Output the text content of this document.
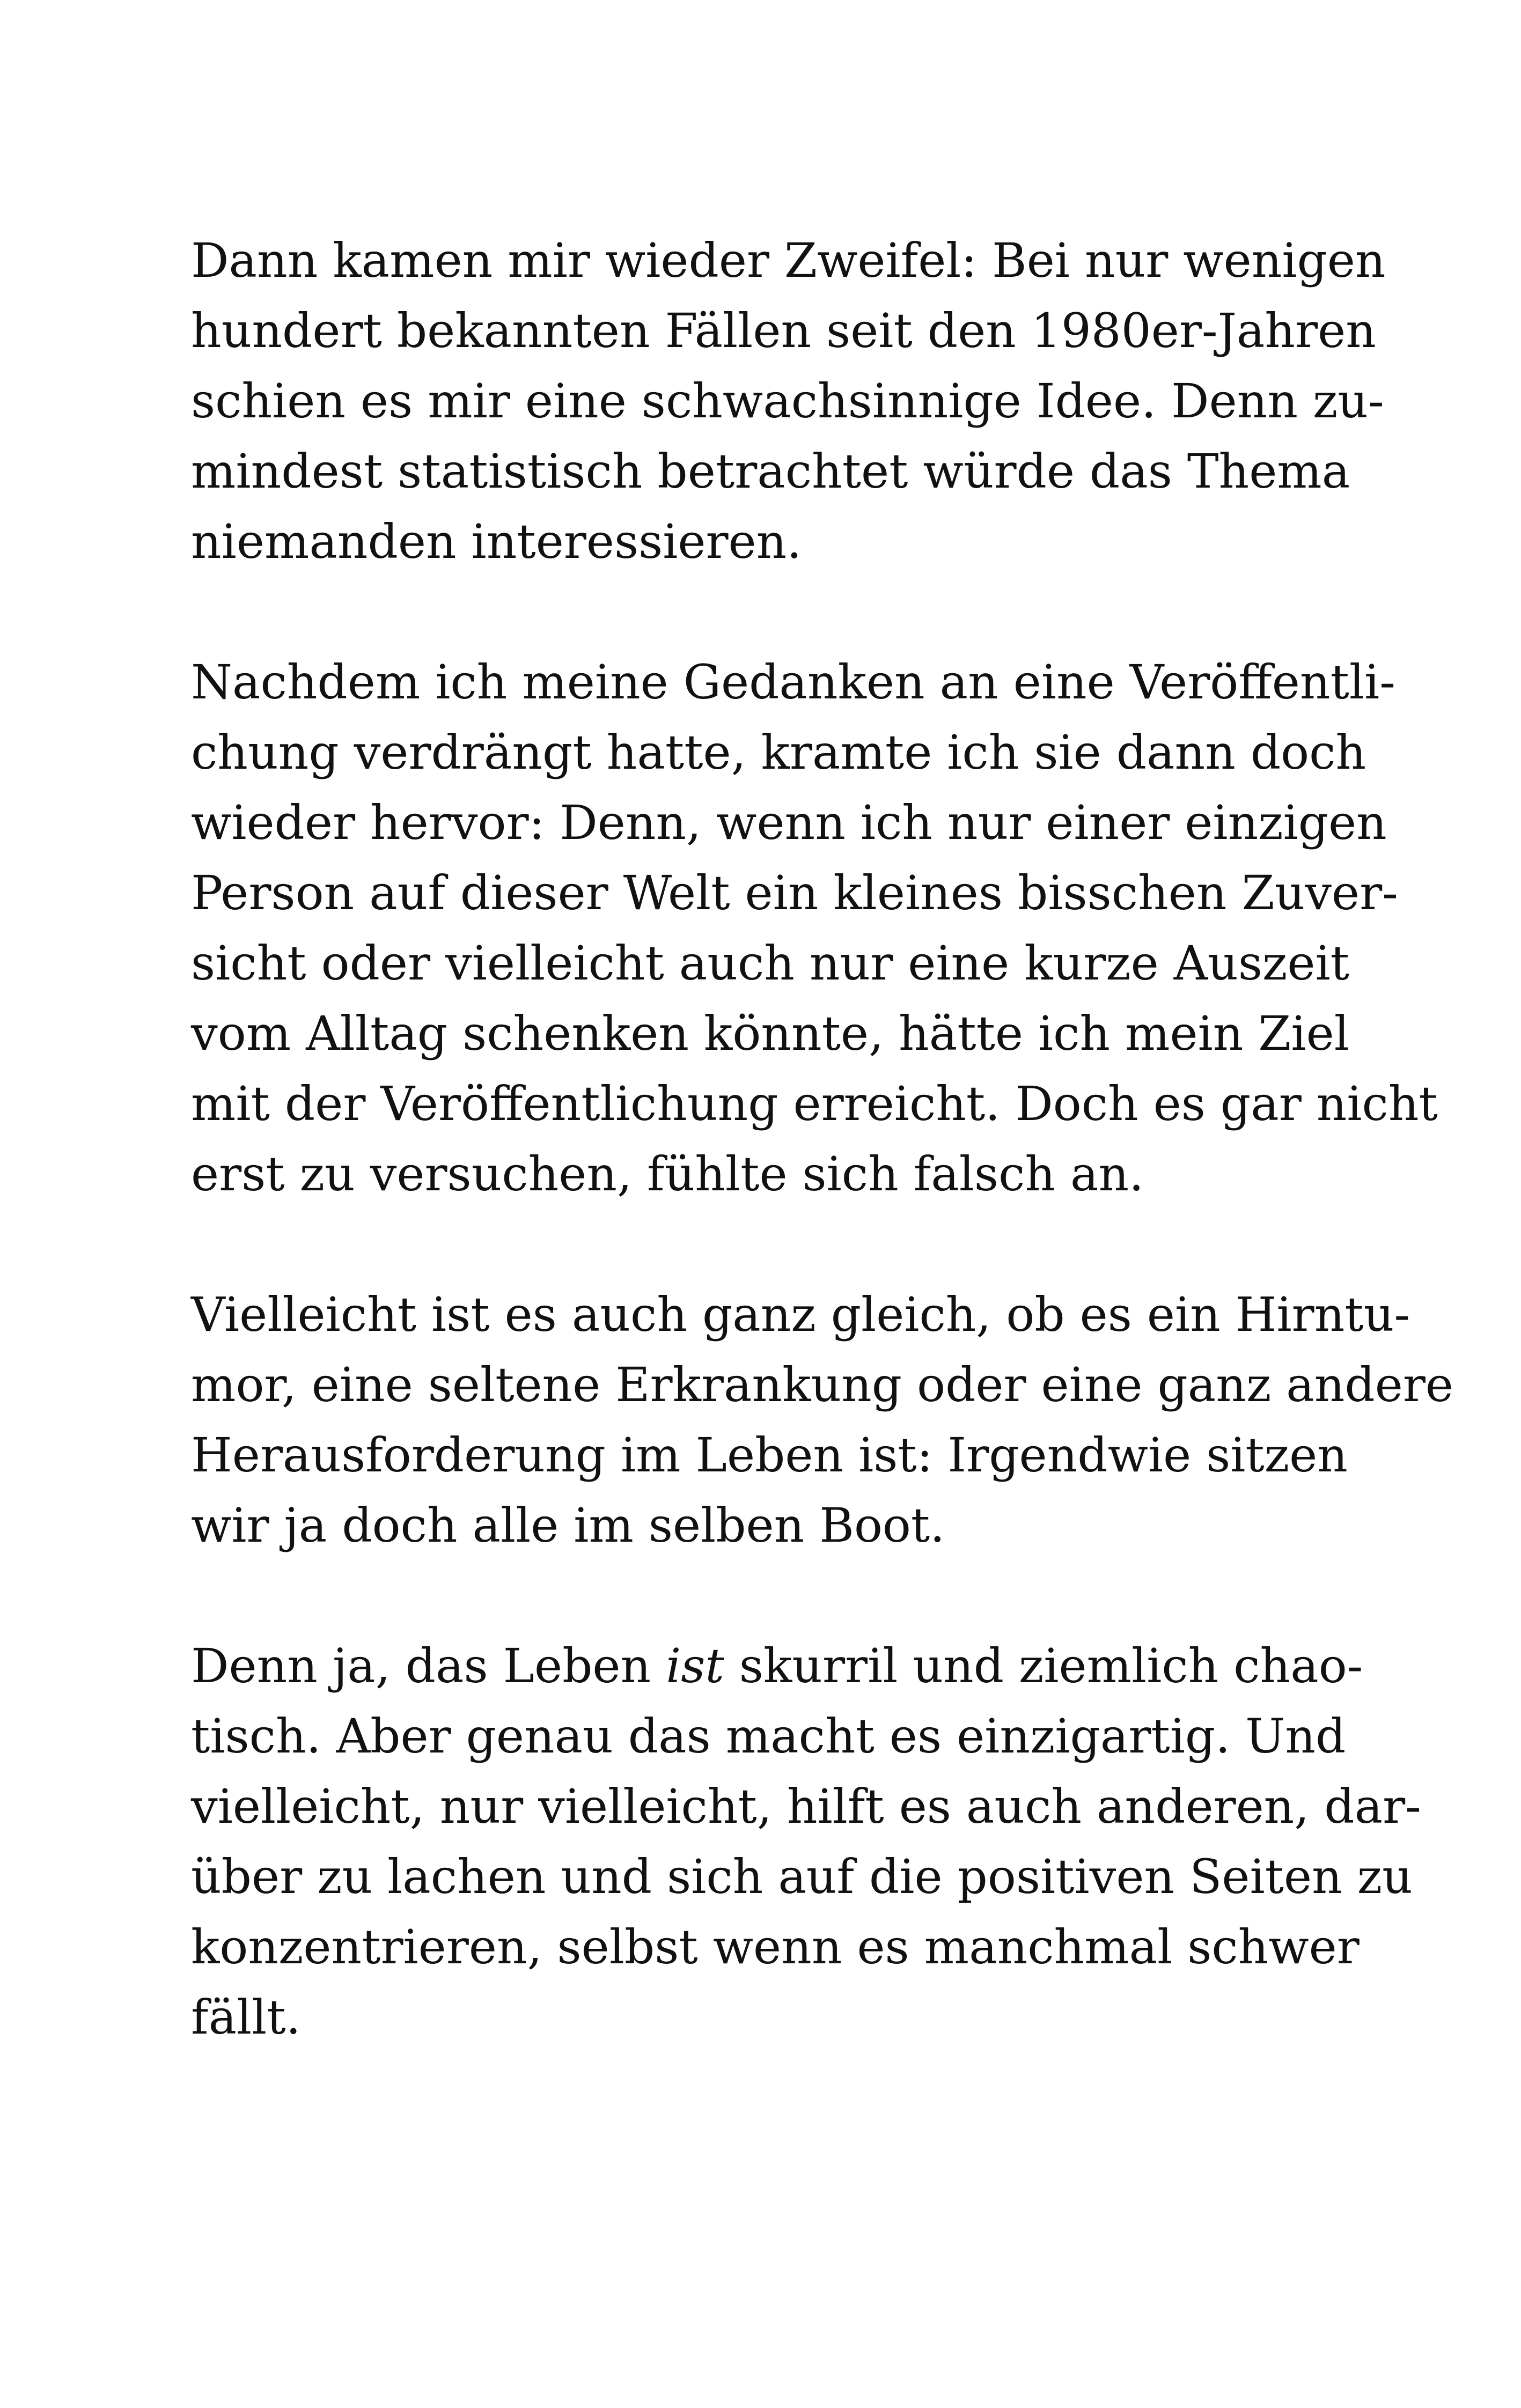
Dann kamen mir wieder Zweifel: Bei nur wenigen
hundert bekannten Fällen seit den 1980er-Jahren
schien es mir eine schwachsinnige Idee. Denn zu-
mindest statistisch betrachtet würde das Thema
niemanden interessieren.
Nachdem ich meine Gedanken an eine Veröffentli-
chung verdrängt hatte, kramte ich sie dann doch
wieder hervor: Denn, wenn ich nur einer einzigen
Person auf dieser Welt ein kleines bisschen Zuver-
sicht oder vielleicht auch nur eine kurze Auszeit
vom Alltag schenken könnte, hätte ich mein Ziel
mit der Veröffentlichung erreicht. Doch es gar nicht
erst zu versuchen, fühlte sich falsch an.
Vielleicht ist es auch ganz gleich, ob es ein Hirntu-
mor, eine seltene Erkrankung oder eine ganz andere
Herausforderung im Leben ist: Irgendwie sitzen
wir ja doch alle im selben Boot.
Denn ja, das Leben ist skurril und ziemlich chao-
tisch. Aber genau das macht es einzigartig. Und
vielleicht, nur vielleicht, hilft es auch anderen, dar-
über zu lachen und sich auf die positiven Seiten zu
konzentrieren, selbst wenn es manchmal schwer
fällt.
